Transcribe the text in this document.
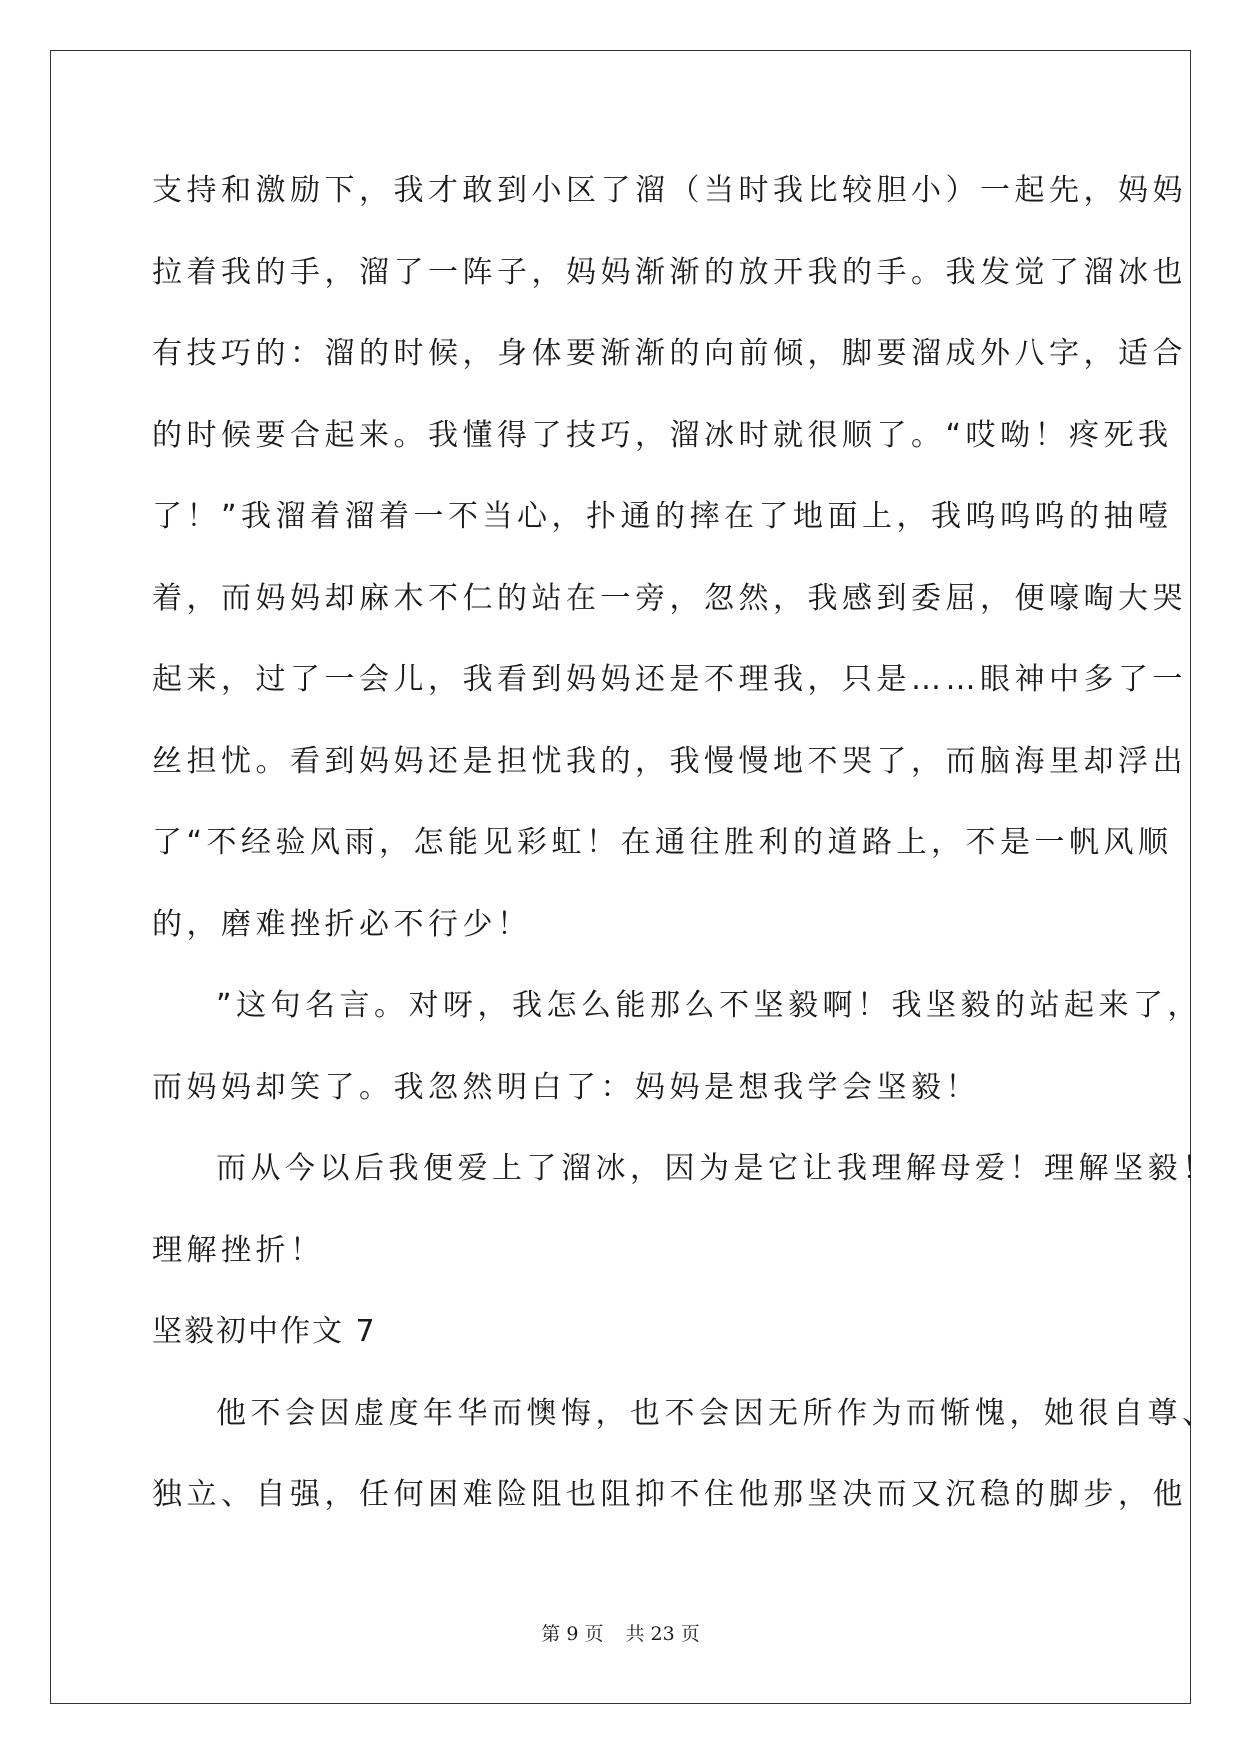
支持和激励下，我才敢到小区了溜（当时我比较胆小）一起先，妈妈
拉着我的手，溜了一阵子，妈妈渐渐的放开我的手。我发觉了溜冰也
有技巧的：溜的时候，身体要渐渐的向前倾，脚要溜成外八字，适合
的时候要合起来。我懂得了技巧，溜冰时就很顺了。“哎呦！疼死我
了！”我溜着溜着一不当心，扑通的摔在了地面上，我呜呜呜的抽噎
着，而妈妈却麻木不仁的站在一旁，忽然，我感到委屈，便嚎啕大哭
起来，过了一会儿，我看到妈妈还是不理我，只是……眼神中多了一
丝担忧。看到妈妈还是担忧我的，我慢慢地不哭了，而脑海里却浮出
了“不经验风雨，怎能见彩虹！在通往胜利的道路上，不是一帆风顺
的，磨难挫折必不行少！
”这句名言。对呀，我怎么能那么不坚毅啊！我坚毅的站起来了，
而妈妈却笑了。我忽然明白了：妈妈是想我学会坚毅！
而从今以后我便爱上了溜冰，因为是它让我理解母爱！理解坚毅！
理解挫折！
坚毅初中作文 7
他不会因虚度年华而懊悔，也不会因无所作为而惭愧，她很自尊、
独立、自强，任何困难险阻也阻抑不住他那坚决而又沉稳的脚步，他
第 9 页 共 23 页
